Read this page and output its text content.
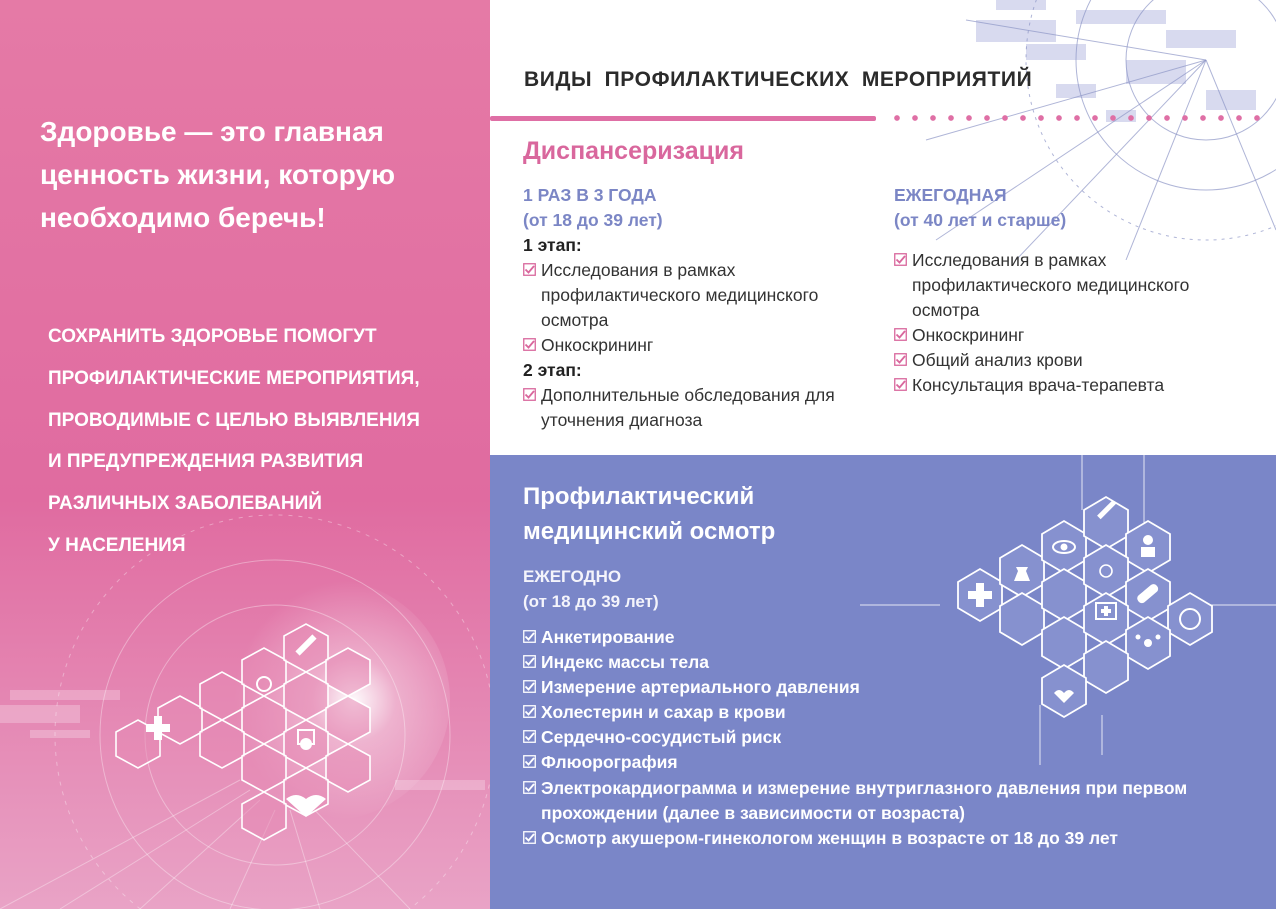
Здоровье — это главная
ценность жизни, которую
необходимо беречь!
СОХРАНИТЬ ЗДОРОВЬЕ ПОМОГУТ
ПРОФИЛАКТИЧЕСКИЕ МЕРОПРИЯТИЯ,
ПРОВОДИМЫЕ С ЦЕЛЬЮ ВЫЯВЛЕНИЯ
И ПРЕДУПРЕЖДЕНИЯ РАЗВИТИЯ
РАЗЛИЧНЫХ ЗАБОЛЕВАНИЙ
У НАСЕЛЕНИЯ
ВИДЫ ПРОФИЛАКТИЧЕСКИХ МЕРОПРИЯТИЙ
Диспансеризация
1 РАЗ В 3 ГОДА
(от 18 до 39 лет)
1 этап:
Исследования в рамках профилактического медицинского осмотра
Онкоскрининг
2 этап:
Дополнительные обследования для уточнения диагноза
ЕЖЕГОДНАЯ
(от 40 лет и старше)
Исследования в рамках профилактического медицинского осмотра
Онкоскрининг
Общий анализ крови
Консультация врача-терапевта
Профилактический медицинский осмотр
ЕЖЕГОДНО
(от 18 до 39 лет)
Анкетирование
Индекс массы тела
Измерение артериального давления
Холестерин и сахар в крови
Сердечно-сосудистый риск
Флюорография
Электрокардиограмма и измерение внутриглазного давления при первом прохождении (далее в зависимости от возраста)
Осмотр акушером-гинекологом женщин в возрасте от 18 до 39 лет
